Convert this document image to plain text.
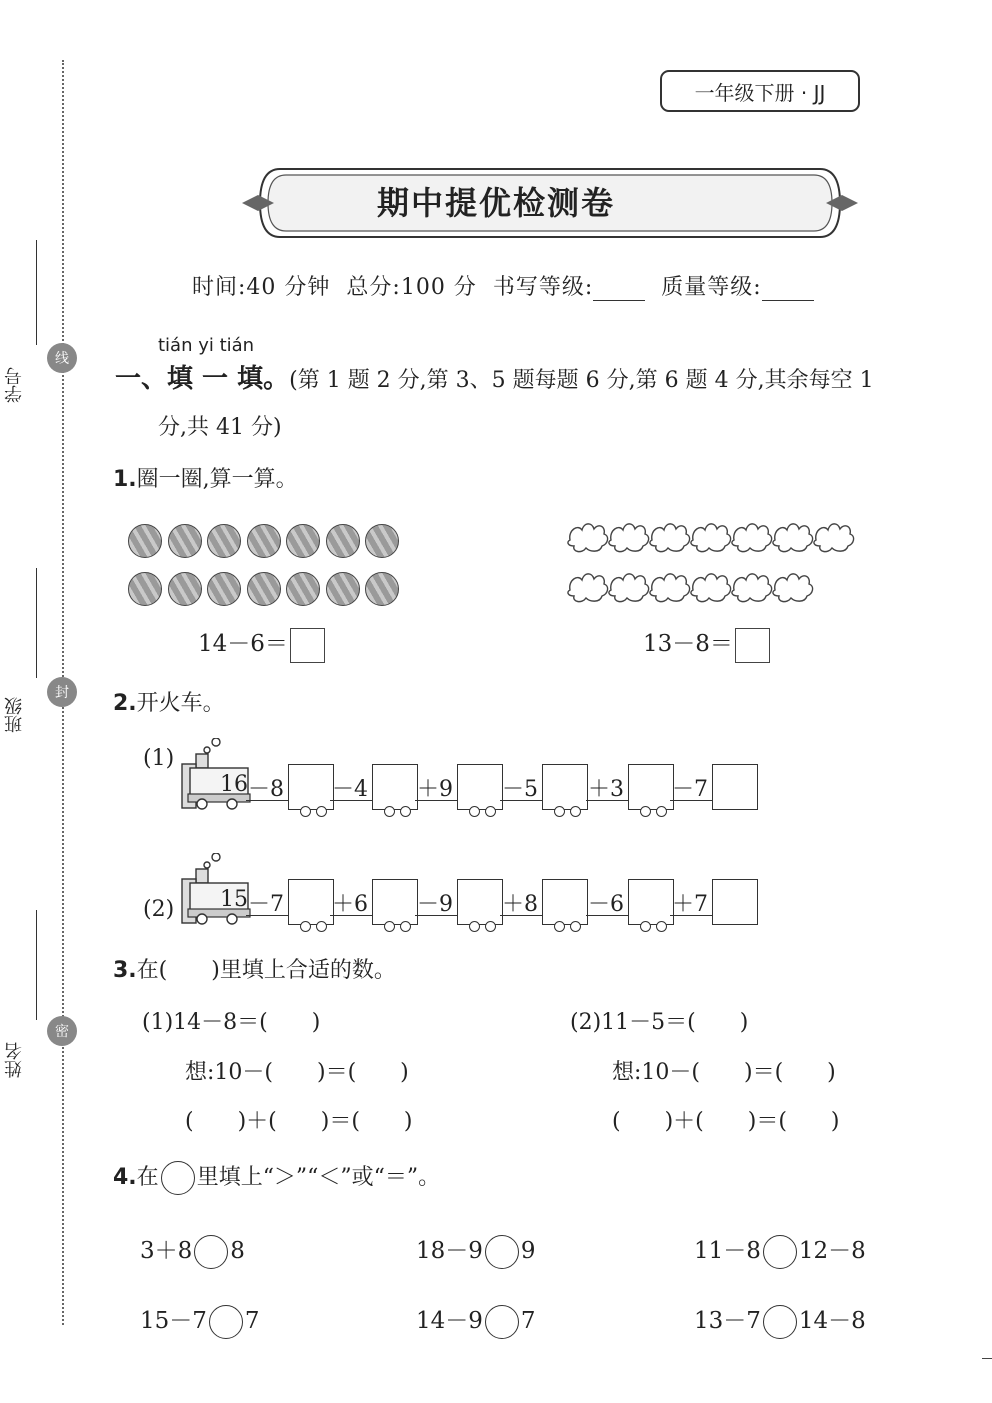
学号
线
班级
封
姓名
密
一年级下册 · JJ
期中提优检测卷
时间:40 分钟 总分:100 分 书写等级:	质量等级:
tián yi tián
一、填 一 填。(第 1 题 2 分,第 3、5 题每题 6 分,第 6 题 4 分,其余每空 1
分,共 41 分)
1.圈一圈,算一算。
14－6＝	13－8＝
2.开火车。
(1)
16 －8 －4 ＋9 －5 ＋3 －7
(2) 15 －7 ＋6 －9 ＋8 －6 ＋7
3.在(　　)里填上合适的数。
(1)14－8＝(　　)
想:10－(　　)＝(　　)
(　　)＋(　　)＝(　　)
(2)11－5＝(　　)
想:10－(　　)＝(　　)
(　　)＋(　　)＝(　　)
4.在 里填上“＞”“＜”或“＝”。
3＋8 8	18－9 9	11－8 12－8
15－7 7	14－9 7	13－7 14－8
